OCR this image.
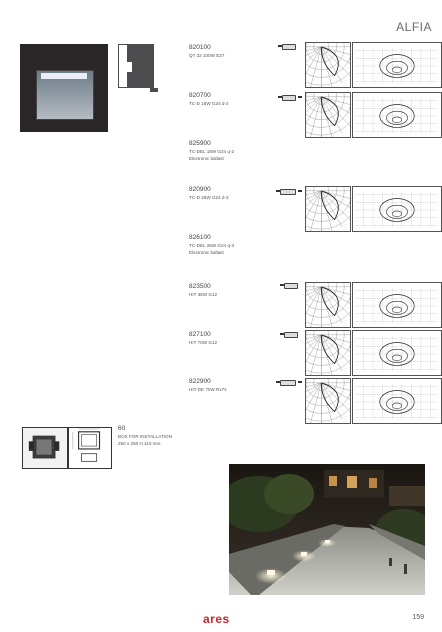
ALFIA
820100
QT 32 100W E27
820700
TC-D 18W G24 d-2
825900
TC-DEL 18W G24 q-2
Electronic ballast
820900
TC-D 26W G24 d-3
826100
TC-DEL 26W G24 q-3
Electronic ballast
823500
HIT 35W G12
827100
HIT 70W G12
822900
HIT-DE 70W Rx7s
60
BOX FOR INSTALLATION
250 x 250 H 110 mm.
ares	159
